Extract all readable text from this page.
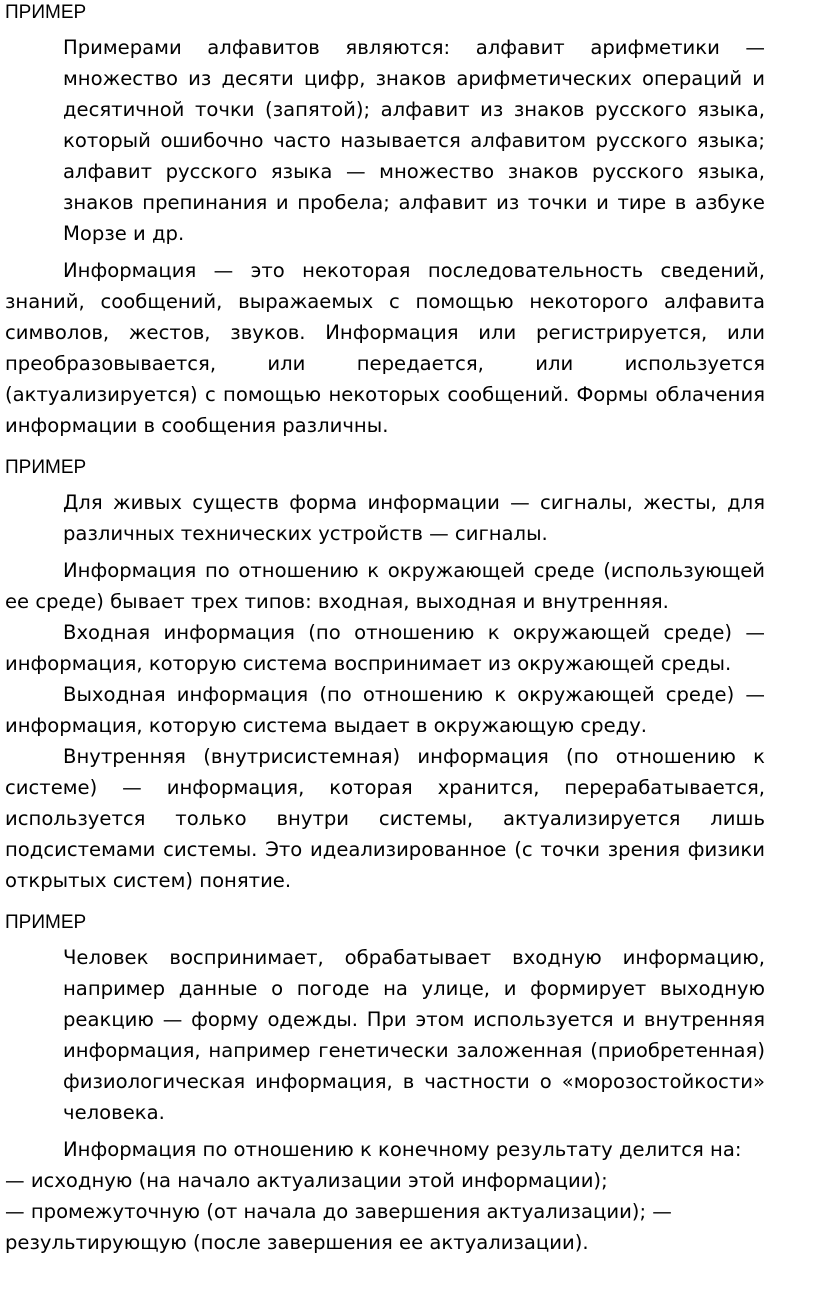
ПРИМЕР

Примерами алфавитов являются: алфавит арифметики — множество из десяти цифр, знаков арифметических операций и десятичной точки (запятой); алфавит из знаков русского языка, который ошибочно часто называется алфавитом русского языка; алфавит русского языка — множество знаков русского языка, знаков препинания и пробела; алфавит из точки и тире в азбуке Морзе и др.

Информация — это некоторая последовательность сведений, знаний, сообщений, выражаемых с помощью некоторого алфавита символов, жестов, звуков. Информация или регистрируется, или преобразовывается, или передается, или используется (актуализируется) с помощью некоторых сообщений. Формы облачения информации в сообщения различны.

ПРИМЕР

Для живых существ форма информации — сигналы, жесты, для различных технических устройств — сигналы.

Информация по отношению к окружающей среде (использующей ее среде) бывает трех типов: входная, выходная и внутренняя.

Входная информация (по отношению к окружающей среде) — информация, которую система воспринимает из окружающей среды.

Выходная информация (по отношению к окружающей среде) — информация, которую система выдает в окружающую среду.

Внутренняя (внутрисистемная) информация (по отношению к системе) — информация, которая хранится, перерабатывается, используется только внутри системы, актуализируется лишь подсистемами системы. Это идеализированное (с точки зрения физики открытых систем) понятие.

ПРИМЕР

Человек воспринимает, обрабатывает входную информацию, например данные о погоде на улице, и формирует выходную реакцию — форму одежды. При этом используется и внутренняя информация, например генетически заложенная (приобретенная) физиологическая информация, в частности о «морозостойкости» человека.

Информация по отношению к конечному результату делится на:

— исходную (на начало актуализации этой информации);

— промежуточную (от начала до завершения актуализации); — результирующую (после завершения ее актуализации).
